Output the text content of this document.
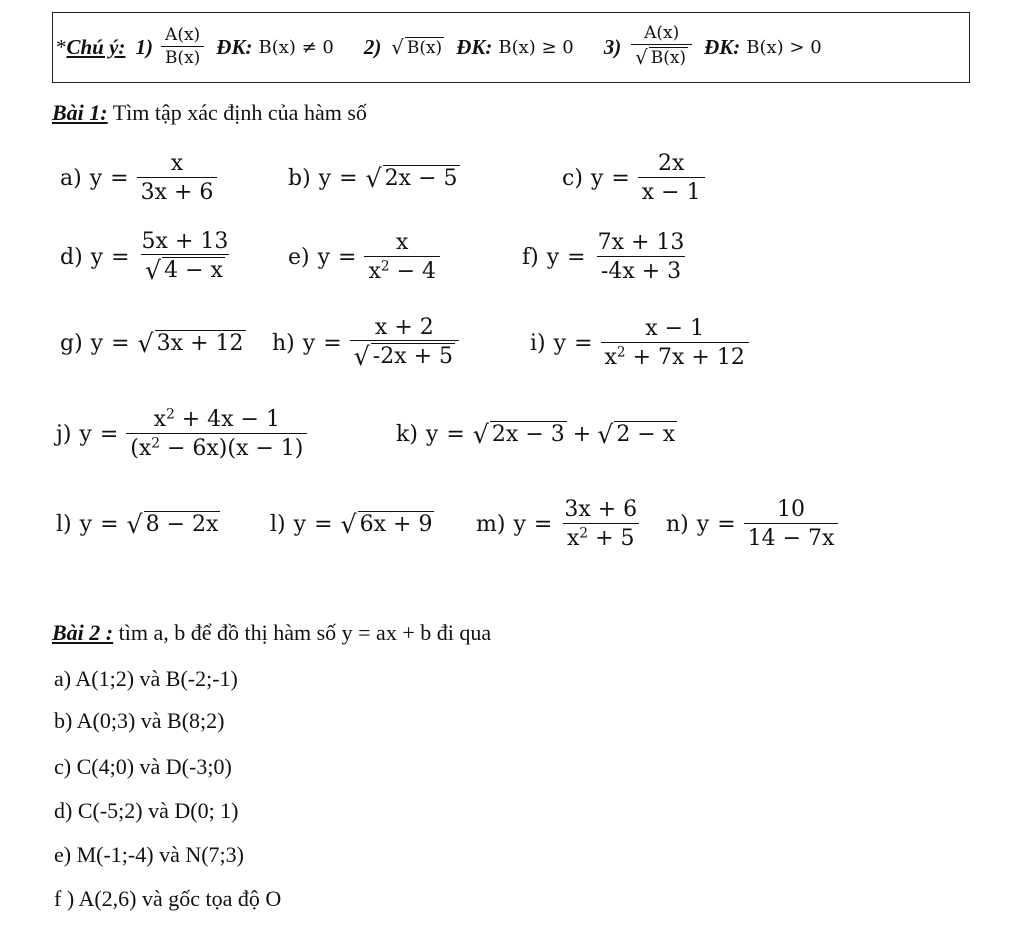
* Chú ý: $1) \frac{A(x)}{B(x)}$ ĐK: B(x) ≠ 0 2) √ B(x) ĐK: B(x) ≥ 0 $3) \frac{A(x)}{√ B(x)}$ ĐK: B(x) > 0
Bài 1: Tìm tập xác định của hàm số
a) $y = \frac{x}{3x + 6}$	b) y = √ 2x − 5	c) $y = \frac{2x}{x - 1}$
d) $y = \frac{5x + 13}{√ 4 - x}$	e) $y = \frac{x}{x^2 - 4}$	f) $y = \frac{7x + 13}{-4x + 3}$
g) y = √ 3x + 12 h) $y = \frac{x + 2}{√ -2x + 5}$	i) $y = \frac{x - 1}{x^2 + 7x + 12}$
j) $y = \frac{x^2 + 4x - 1}{(x^2 - 6x)(x - 1)}$	k) y = √ 2x − 3 + √ 2 − x
l) y = √ 8 − 2x l) y = √ 6x + 9 m) $y = \frac{3x + 6}{x^2 + 5} n$) $y = \frac{10}{14 - 7x}$
Bài 2 : tìm a, b để đồ thị hàm số y = ax + b đi qua
a) A(1;2) và B(-2;-1)
b) A(0;3) và B(8;2)
c) C(4;0) và D(-3;0)
d) C(-5;2) và D(0; 1)
e) M(-1;-4) và N(7;3)
f ) A(2,6) và gốc tọa độ O
